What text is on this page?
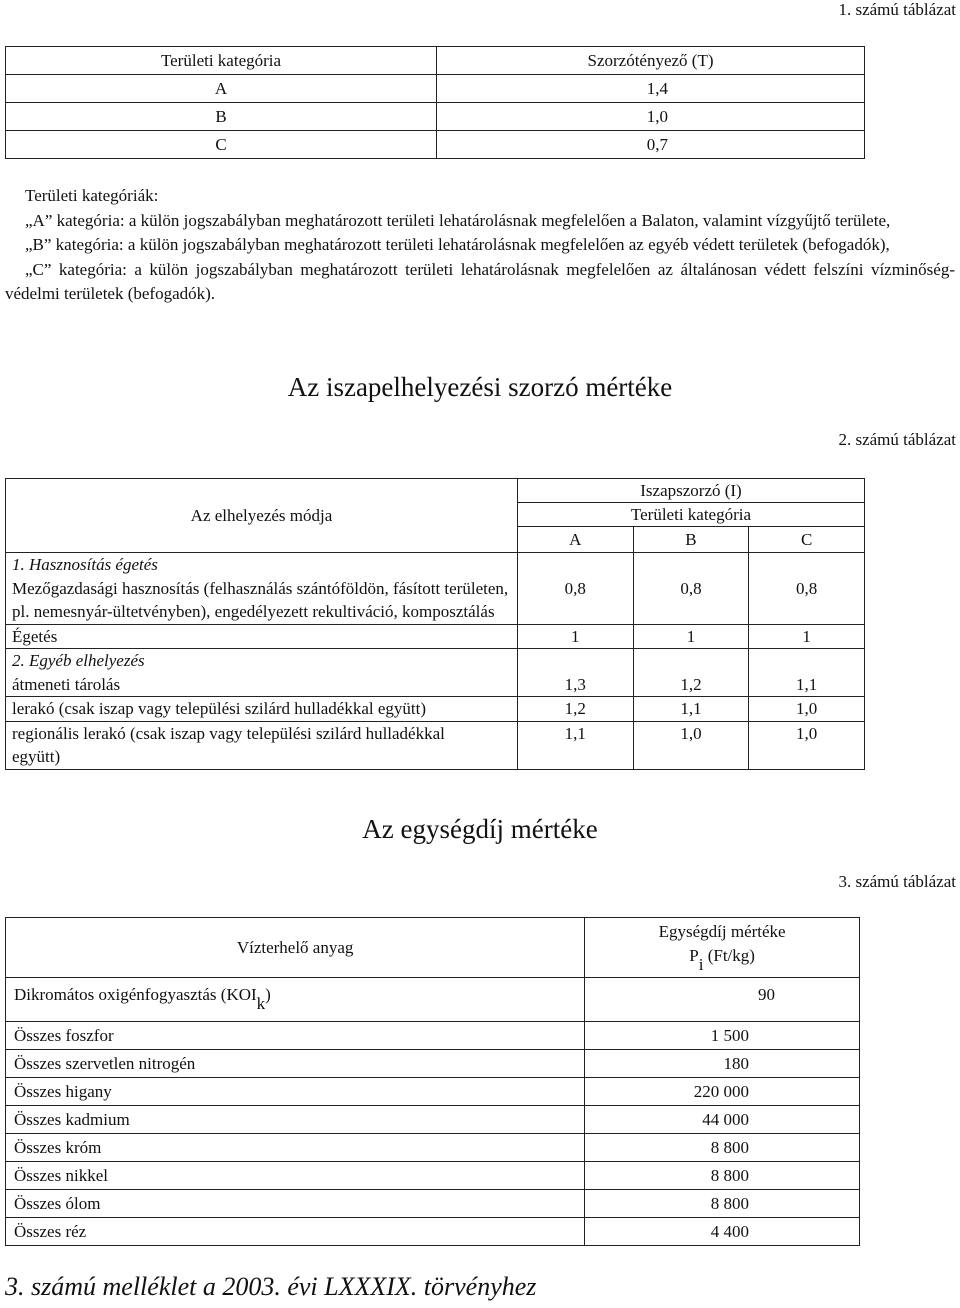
1. számú táblázat
Területi kategória	Szorzótényező (T)
A	1,4
B	1,0
C	0,7
Területi kategóriák:
„A” kategória: a külön jogszabályban meghatározott területi lehatárolásnak megfelelően a Balaton, valamint vízgyűjtő területe,
„B” kategória: a külön jogszabályban meghatározott területi lehatárolásnak megfelelően az egyéb védett területek (befogadók),
„C” kategória: a külön jogszabályban meghatározott területi lehatárolásnak megfelelően az általánosan védett felszíni vízminőség-védelmi területek (befogadók).
Az iszapelhelyezési szorzó mértéke
2. számú táblázat
Az elhelyezés módja	Iszapszorzó (I)		
	Területi kategória		
	A	B	C

1. Hasznosítás égetés
Mezőgazdasági hasznosítás (felhasználás szántóföldön, fásított területen, pl. nemesnyár-ültetvényben), engedélyezett rekultiváció, komposztálás	0,8	0,8	0,8
Égetés	1	1	1

2. Egyéb elhelyezés
átmeneti tárolás	1,3	1,2	1,1
lerakó (csak iszap vagy települési szilárd hulladékkal együtt)	1,2	1,1	1,0

regionális lerakó (csak iszap vagy települési szilárd hulladékkal együtt)	1,1	1,0	1,0
Az egységdíj mértéke
3. számú táblázat
Vízterhelő anyag	Egységdíj mértéke
$P_i$ (Ft/kg)

Dikromátos oxigénfogyasztás $(KOI_k)$	90
Összes foszfor	1 500
Összes szervetlen nitrogén	180
Összes higany	220 000
Összes kadmium	44 000
Összes króm	8 800
Összes nikkel	8 800
Összes ólom	8 800
Összes réz	4 400
3. számú melléklet a 2003. évi LXXXIX. törvényhez
